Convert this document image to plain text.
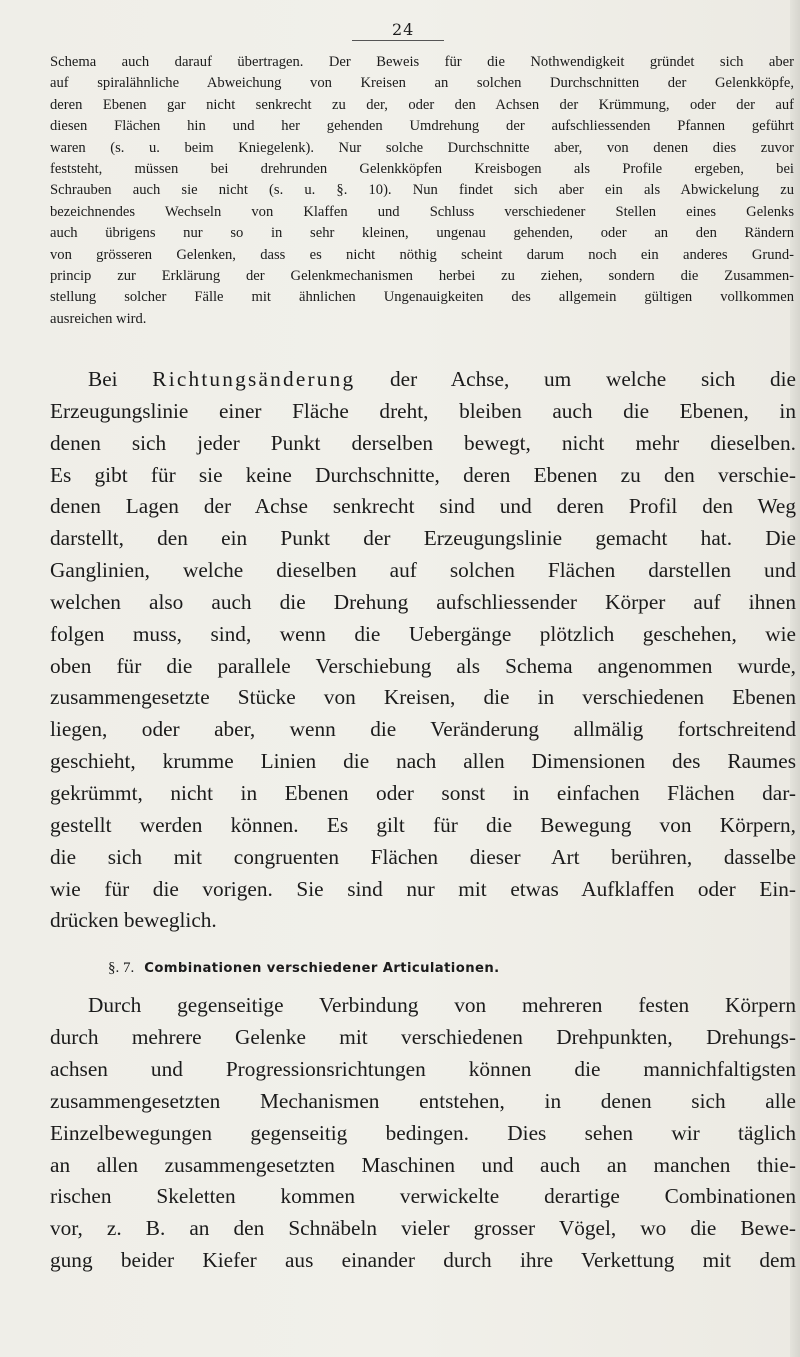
24
Schema auch darauf übertragen. Der Beweis für die Nothwendigkeit gründet sich aber
auf spiralähnliche Abweichung von Kreisen an solchen Durchschnitten der Gelenkköpfe,
deren Ebenen gar nicht senkrecht zu der, oder den Achsen der Krümmung, oder der auf
diesen Flächen hin und her gehenden Umdrehung der aufschliessenden Pfannen geführt
waren (s. u. beim Kniegelenk). Nur solche Durchschnitte aber, von denen dies zuvor
feststeht, müssen bei drehrunden Gelenkköpfen Kreisbogen als Profile ergeben, bei
Schrauben auch sie nicht (s. u. §. 10). Nun findet sich aber ein als Abwickelung zu
bezeichnendes Wechseln von Klaffen und Schluss verschiedener Stellen eines Gelenks
auch übrigens nur so in sehr kleinen, ungenau gehenden, oder an den Rändern
von grösseren Gelenken, dass es nicht nöthig scheint darum noch ein anderes Grund-
princip zur Erklärung der Gelenkmechanismen herbei zu ziehen, sondern die Zusammen-
stellung solcher Fälle mit ähnlichen Ungenauigkeiten des allgemein gültigen vollkommen
ausreichen wird.
Bei Richtungsänderung der Achse, um welche sich die
Erzeugungslinie einer Fläche dreht, bleiben auch die Ebenen, in
denen sich jeder Punkt derselben bewegt, nicht mehr dieselben.
Es gibt für sie keine Durchschnitte, deren Ebenen zu den verschie-
denen Lagen der Achse senkrecht sind und deren Profil den Weg
darstellt, den ein Punkt der Erzeugungslinie gemacht hat. Die
Ganglinien, welche dieselben auf solchen Flächen darstellen und
welchen also auch die Drehung aufschliessender Körper auf ihnen
folgen muss, sind, wenn die Uebergänge plötzlich geschehen, wie
oben für die parallele Verschiebung als Schema angenommen wurde,
zusammengesetzte Stücke von Kreisen, die in verschiedenen Ebenen
liegen, oder aber, wenn die Veränderung allmälig fortschreitend
geschieht, krumme Linien die nach allen Dimensionen des Raumes
gekrümmt, nicht in Ebenen oder sonst in einfachen Flächen dar-
gestellt werden können. Es gilt für die Bewegung von Körpern,
die sich mit congruenten Flächen dieser Art berühren, dasselbe
wie für die vorigen. Sie sind nur mit etwas Aufklaffen oder Ein-
drücken beweglich.
§. 7. Combinationen verschiedener Articulationen.
Durch gegenseitige Verbindung von mehreren festen Körpern
durch mehrere Gelenke mit verschiedenen Drehpunkten, Drehungs-
achsen und Progressionsrichtungen können die mannichfaltigsten
zusammengesetzten Mechanismen entstehen, in denen sich alle
Einzelbewegungen gegenseitig bedingen. Dies sehen wir täglich
an allen zusammengesetzten Maschinen und auch an manchen thie-
rischen Skeletten kommen verwickelte derartige Combinationen
vor, z. B. an den Schnäbeln vieler grosser Vögel, wo die Bewe-
gung beider Kiefer aus einander durch ihre Verkettung mit dem
